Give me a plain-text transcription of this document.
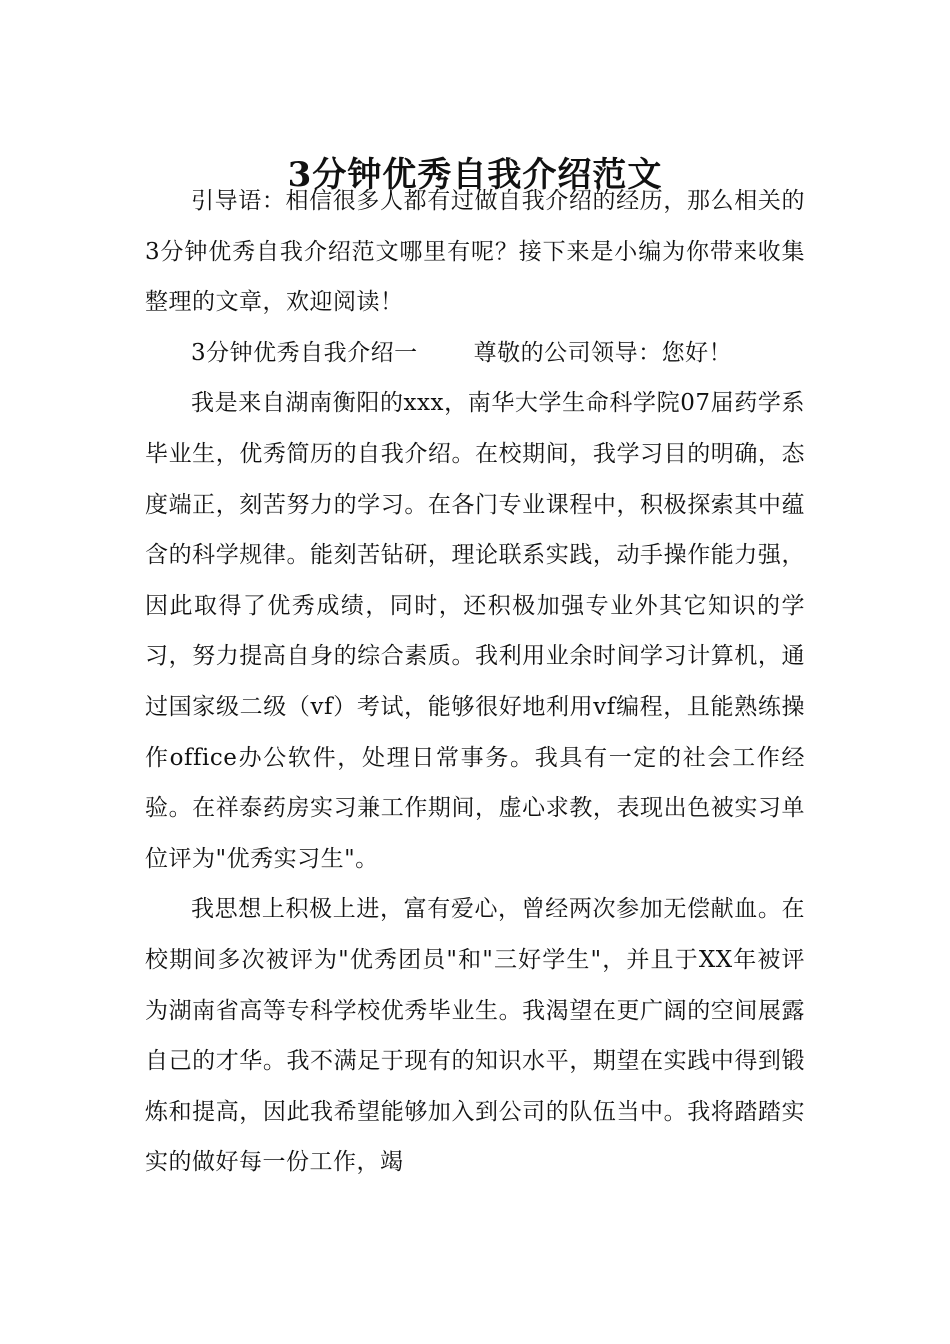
3分钟优秀自我介绍范文

引导语：相信很多人都有过做自我介绍的经历，那么相关的3分钟优秀自我介绍范文哪里有呢？接下来是小编为你带来收集整理的文章，欢迎阅读！

3分钟优秀自我介绍一 尊敬的公司领导：您好！

我是来自湖南衡阳的xxx，南华大学生命科学院07届药学系毕业生，优秀简历的自我介绍。在校期间，我学习目的明确，态度端正，刻苦努力的学习。在各门专业课程中，积极探索其中蕴含的科学规律。能刻苦钻研，理论联系实践，动手操作能力强，因此取得了优秀成绩，同时，还积极加强专业外其它知识的学习，努力提高自身的综合素质。我利用业余时间学习计算机，通过国家级二级（vf）考试，能够很好地利用vf编程，且能熟练操作office办公软件，处理日常事务。我具有一定的社会工作经验。在祥泰药房实习兼工作期间，虚心求教，表现出色被实习单位评为"优秀实习生"。

我思想上积极上进，富有爱心，曾经两次参加无偿献血。在校期间多次被评为"优秀团员"和"三好学生"，并且于XX年被评为湖南省高等专科学校优秀毕业生。我渴望在更广阔的空间展露自己的才华。我不满足于现有的知识水平，期望在实践中得到锻炼和提高，因此我希望能够加入到公司的队伍当中。我将踏踏实实的做好每一份工作，竭
